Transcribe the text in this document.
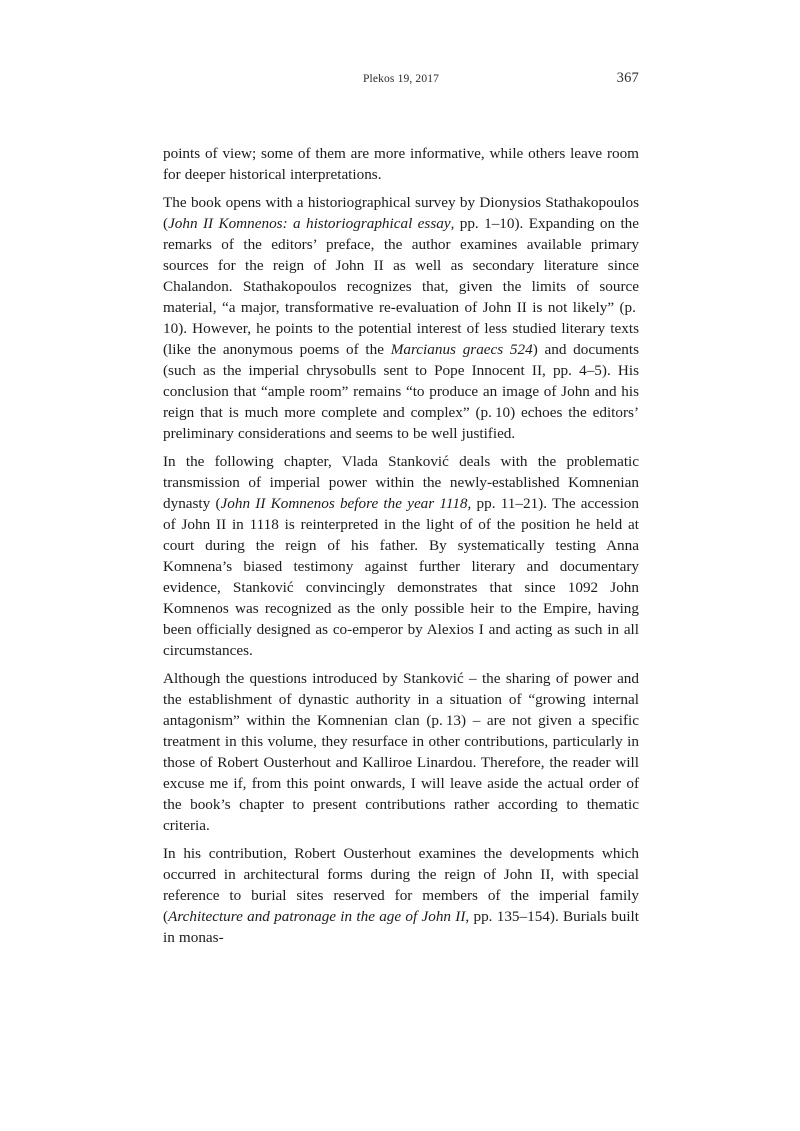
Plekos 19, 2017	367

points of view; some of them are more informative, while others leave room for deeper historical interpretations.

The book opens with a historiographical survey by Dionysios Stathakopoulos (John II Komnenos: a historiographical essay, pp. 1–10). Expanding on the remarks of the editors’ preface, the author examines available primary sources for the reign of John II as well as secondary literature since Chalandon. Stathakopoulos recognizes that, given the limits of source material, “a major, transformative re-evaluation of John II is not likely” (p. 10). However, he points to the potential interest of less studied literary texts (like the anonymous poems of the Marcianus graecs 524) and documents (such as the imperial chrysobulls sent to Pope Innocent II, pp. 4–5). His conclusion that “ample room” remains “to produce an image of John and his reign that is much more complete and complex” (p. 10) echoes the editors’ preliminary considerations and seems to be well justified.

In the following chapter, Vlada Stanković deals with the problematic transmission of imperial power within the newly-established Komnenian dynasty (John II Komnenos before the year 1118, pp. 11–21). The accession of John II in 1118 is reinterpreted in the light of of the position he held at court during the reign of his father. By systematically testing Anna Komnena’s biased testimony against further literary and documentary evidence, Stanković convincingly demonstrates that since 1092 John Komnenos was recognized as the only possible heir to the Empire, having been officially designed as co-emperor by Alexios I and acting as such in all circumstances.

Although the questions introduced by Stanković – the sharing of power and the establishment of dynastic authority in a situation of “growing internal antagonism” within the Komnenian clan (p. 13) – are not given a specific treatment in this volume, they resurface in other contributions, particularly in those of Robert Ousterhout and Kalliroe Linardou. Therefore, the reader will excuse me if, from this point onwards, I will leave aside the actual order of the book’s chapter to present contributions rather according to thematic criteria.

In his contribution, Robert Ousterhout examines the developments which occurred in architectural forms during the reign of John II, with special reference to burial sites reserved for members of the imperial family (Architecture and patronage in the age of John II, pp. 135–154). Burials built in monas-
